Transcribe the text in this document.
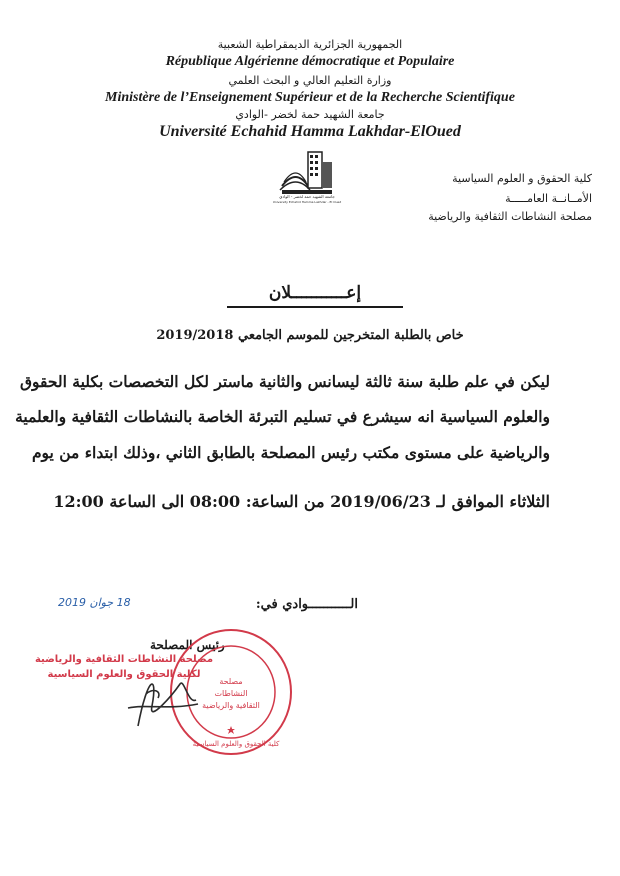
الجمهورية الجزائرية الديمقراطية الشعبية
République Algérienne démocratique et Populaire
وزارة التعليم العالي و البحث العلمي
Ministère de l’Enseignement Supérieur et de la Recherche Scientifique
جامعة الشهيد حمة لخضر -الوادي
Université Echahid Hamma Lakhdar-ElOued
جامعة الشهيد حمة لخضر - الوادي
University Echahid Hamma Lakhdar - El Oued
كلية الحقوق و العلوم السياسية
الأمــانــة العامـــــة
مصلحة النشاطات الثقافية والرياضية
إعـــــــــــلان
خاص بالطلبة المتخرجين للموسم الجامعي 2019/2018
ليكن في علم طلبة سنة ثالثة ليسانس والثانية ماستر لكل التخصصات بكلية الحقوق
والعلوم السياسية انه سيشرع في تسليم التبرئة الخاصة بالنشاطات الثقافية والعلمية
والرياضية على مستوى مكتب رئيس المصلحة بالطابق الثاني ،وذلك ابتداء من يوم
الثلاثاء الموافق لـ 2019/06/23 من الساعة: 08:00 الى الساعة 12:00
الـــــــــــوادي في:
18 جوان 2019
رئيس المصلحة
مصلحة النشاطات الثقافية والرياضية
لكلية الحقوق والعلوم السياسية
مصلحة
النشاطات
الثقافية والرياضية
كلية الحقوق والعلوم السياسية
